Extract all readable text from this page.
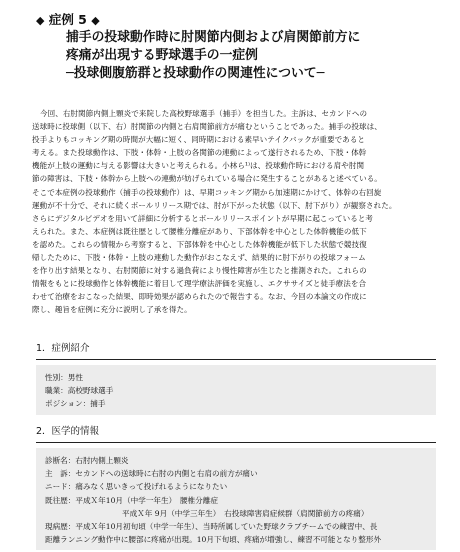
◆ 症例 5 ◆
捕手の投球動作時に肘関節内側および肩関節前方に
疼痛が出現する野球選手の一症例
─投球側腹筋群と投球動作の関連性について─
今回、右肘関節内側上顆炎で来院した高校野球選手（捕手）を担当した。主訴は、セカンドへの
送球時に投球側（以下、右）肘関節の内側と右肩関節前方が痛むということであった。捕手の投球は、
投手よりもコッキング期の時間が大幅に短く、同時期における素早いテイクバックが重要であると
考える。また投球動作は、下肢・体幹・上肢の各関節の連動によって遂行されるため、下肢・体幹
機能が上肢の運動に与える影響は大きいと考えられる。小林ら¹⁾は、投球動作時における肩や肘関
節の障害は、下肢・体幹から上肢への連動が妨げられている場合に発生することがあると述べている。
そこで本症例の投球動作（捕手の投球動作）は、早期コッキング期から加速期にかけて、体幹の右回旋
運動が不十分で、それに続くボールリリース期では、肘が下がった状態（以下、肘下がり）が観察された。
さらにデジタルビデオを用いて詳細に分析するとボールリリースポイントが早期に起こっていると考
えられた。また、本症例は既往歴として腰椎分離症があり、下部体幹を中心とした体幹機能の低下
を認めた。これらの情報から考察すると、下部体幹を中心とした体幹機能が低下した状態で競技復
帰したために、下肢・体幹・上肢の連動した動作がおこなえず、結果的に肘下がりの投球フォーム
を作り出す結果となり、右肘関節に対する過負荷により慢性障害が生じたと推測された。これらの
情報をもとに投球動作と体幹機能に着目して理学療法評価を実施し、エクササイズと徒手療法を合
わせて治療をおこなった結果、即時効果が認められたので報告する。なお、今回の本論文の作成に
際し、趣旨を症例に充分に説明し了承を得た。
1．症例紹介
性別：男性
職業：高校野球選手
ポジション：捕手
2．医学的情報
診断名：右肘内側上顆炎
主　訴：セカンドへの送球時に右肘の内側と右肩の前方が痛い
ニード：痛みなく思いきって投げれるようになりたい
既往歴：平成Ｘ年10月（中学一年生）　腰椎分離症
平成Ｘ年 9月（中学三年生）　右投球障害肩症候群（肩関節前方の疼痛）
現病歴：平成Ｘ年10月初旬頃（中学一年生）、当時所属していた野球クラブチームでの練習中、長
距離ランニング動作中に腰部に疼痛が出現。10月下旬頃、疼痛が増強し、練習不可能となり整形外
